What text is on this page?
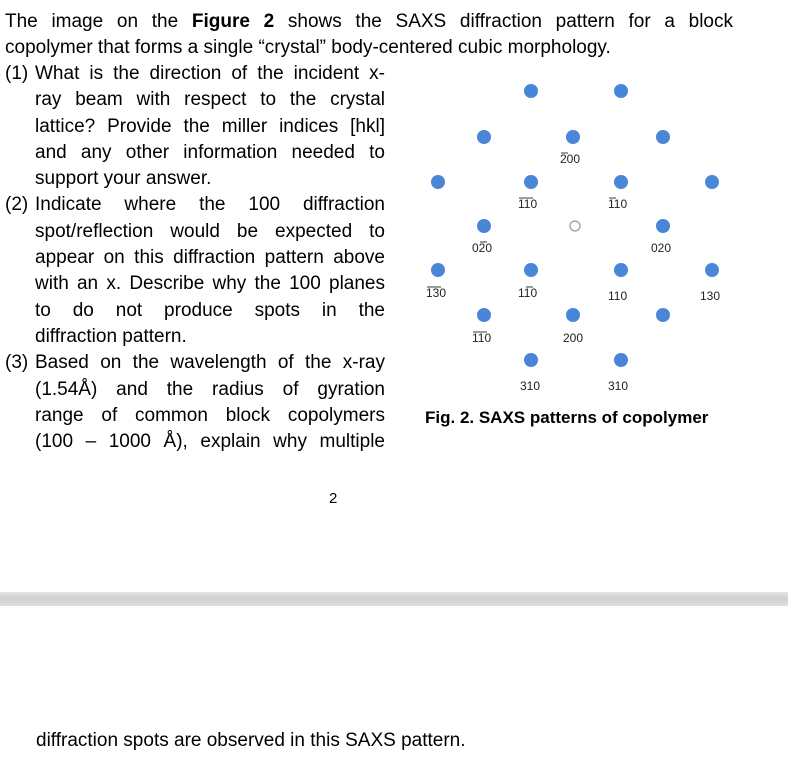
The image on the Figure 2 shows the SAXS diffraction pattern for a block

copolymer that forms a single “crystal” body-centered cubic morphology.

(1) What is the direction of the incident x-
ray beam with respect to the crystal
lattice? Provide the miller indices [hkl]
and any other information needed to
support your answer.
(2) Indicate where the 100 diffraction
spot/reflection would be expected to
appear on this diffraction pattern above
with an x. Describe why the 100 planes
to do not produce spots in the
diffraction pattern.
(3) Based on the wavelength of the x-ray
(1.54Å) and the radius of gyration
range of common block copolymers
(100 – 1000 Å), explain why multiple
200
110	110
020	020
130	110	110	130
110	200
310	310
Fig. 2. SAXS patterns of copolymer
2
diffraction spots are observed in this SAXS pattern.
